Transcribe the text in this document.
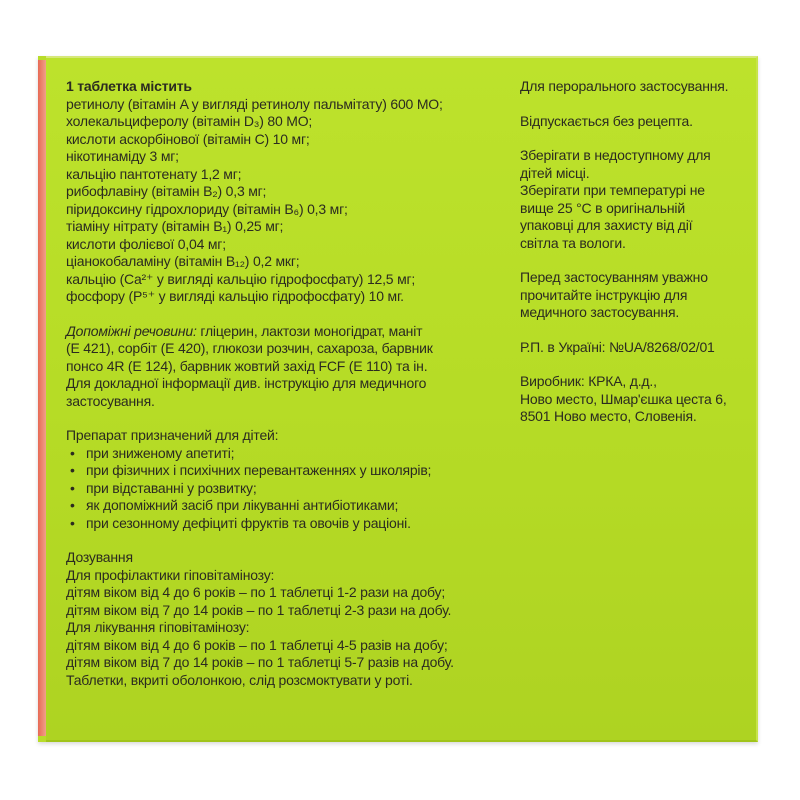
1 таблетка містить
ретинолу (вітамін A у вигляді ретинолу пальмітату) 600 МО;
холекальциферолу (вітамін D₃) 80 МО;
кислоти аскорбінової (вітамін C) 10 мг;
нікотинаміду 3 мг;
кальцію пантотенату 1,2 мг;
рибофлавіну (вітамін B₂) 0,3 мг;
піридоксину гідрохлориду (вітамін B₆) 0,3 мг;
тіаміну нітрату (вітамін B₁) 0,25 мг;
кислоти фолієвої 0,04 мг;
ціанокобаламіну (вітамін B₁₂) 0,2 мкг;
кальцію (Ca²⁺ у вигляді кальцію гідрофосфату) 12,5 мг;
фосфору (P⁵⁺ у вигляді кальцію гідрофосфату) 10 мг.
Допоміжні речовини: гліцерин, лактози моногідрат, маніт
(E 421), сорбіт (E 420), глюкози розчин, сахароза, барвник
понсо 4R (E 124), барвник жовтий захід FCF (E 110) та ін.
Для докладної інформації див. інструкцію для медичного
застосування.
Препарат призначений для дітей:
• при зниженому апетиті;
• при фізичних і психічних перевантаженнях у школярів;
• при відставанні у розвитку;
• як допоміжний засіб при лікуванні антибіотиками;
• при сезонному дефіциті фруктів та овочів у раціоні.
Дозування
Для профілактики гіповітамінозу:
дітям віком від 4 до 6 років – по 1 таблетці 1-2 рази на добу;
дітям віком від 7 до 14 років – по 1 таблетці 2-3 рази на добу.
Для лікування гіповітамінозу:
дітям віком від 4 до 6 років – по 1 таблетці 4-5 разів на добу;
дітям віком від 7 до 14 років – по 1 таблетці 5-7 разів на добу.
Таблетки, вкриті оболонкою, слід розсмоктувати у роті.

Для перорального застосування.

Відпускається без рецепта.

Зберігати в недоступному для
дітей місці.
Зберігати при температурі не
вище 25 °C в оригінальній
упаковці для захисту від дії
світла та вологи.
Перед застосуванням уважно
прочитайте інструкцію для
медичного застосування.

Р.П. в Україні: №UA/8268/02/01

Виробник: КРКА, д.д.,
Ново место, Шмар'єшка цеста 6,
8501 Ново место, Словенія.
